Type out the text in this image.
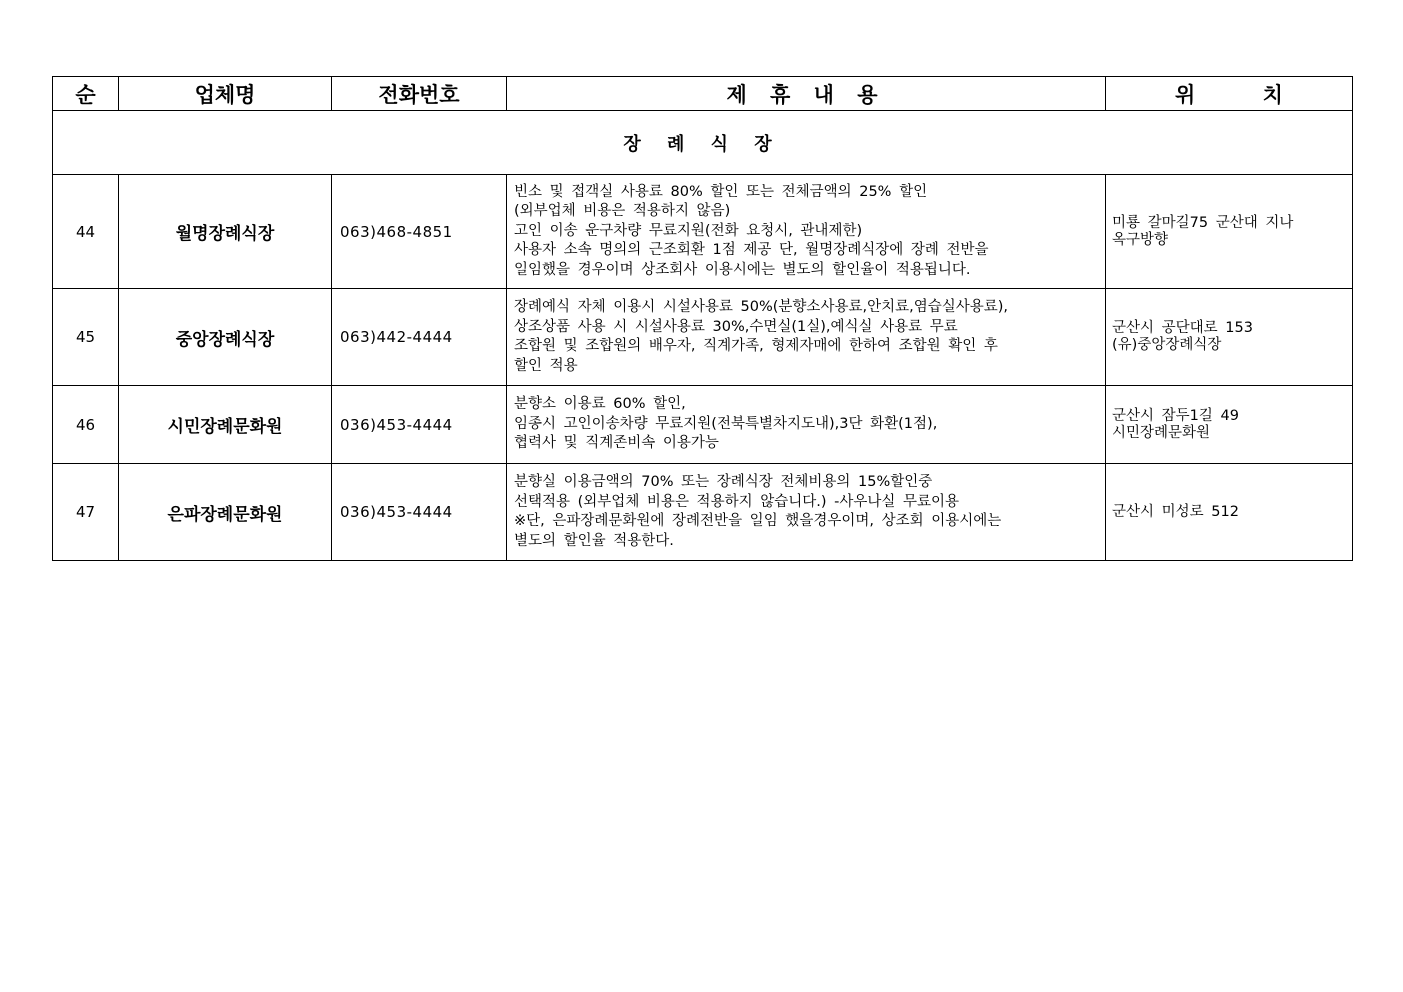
순	업체명	전화번호	제 휴 내 용	위 치
장 례 식 장				
44	월명장례식장	063)468-4851	빈소 및 접객실 사용료 80% 할인 또는 전체금액의 25% 할인
(외부업체 비용은 적용하지 않음)
고인 이송 운구차량 무료지원(전화 요청시, 관내제한)
사용자 소속 명의의 근조회환 1점 제공 단, 월명장례식장에 장례 전반을
일임했을 경우이며 상조회사 이용시에는 별도의 할인율이 적용됩니다.	미룡 갈마길75 군산대 지나
옥구방향

45	중앙장례식장	063)442-4444	장례예식 자체 이용시 시설사용료 50%(분향소사용료,안치료,염습실사용료),
상조상품 사용 시 시설사용료 30%,수면실(1실),예식실 사용료 무료
조합원 및 조합원의 배우자, 직계가족, 형제자매에 한하여 조합원 확인 후
할인 적용	군산시 공단대로 153
(유)중앙장례식장

46	시민장례문화원	036)453-4444	분향소 이용료 60% 할인,
임종시 고인이송차량 무료지원(전북특별차지도내),3단 화환(1점),
협력사 및 직계존비속 이용가능	군산시 잠두1길 49
시민장례문화원

47	은파장례문화원	036)453-4444	분향실 이용금액의 70% 또는 장례식장 전체비용의 15%할인중
선택적용 (외부업체 비용은 적용하지 않습니다.) -사우나실 무료이용
※단, 은파장례문화원에 장례전반을 일임 했을경우이며, 상조회 이용시에는
별도의 할인율 적용한다.	군산시 미성로 512
